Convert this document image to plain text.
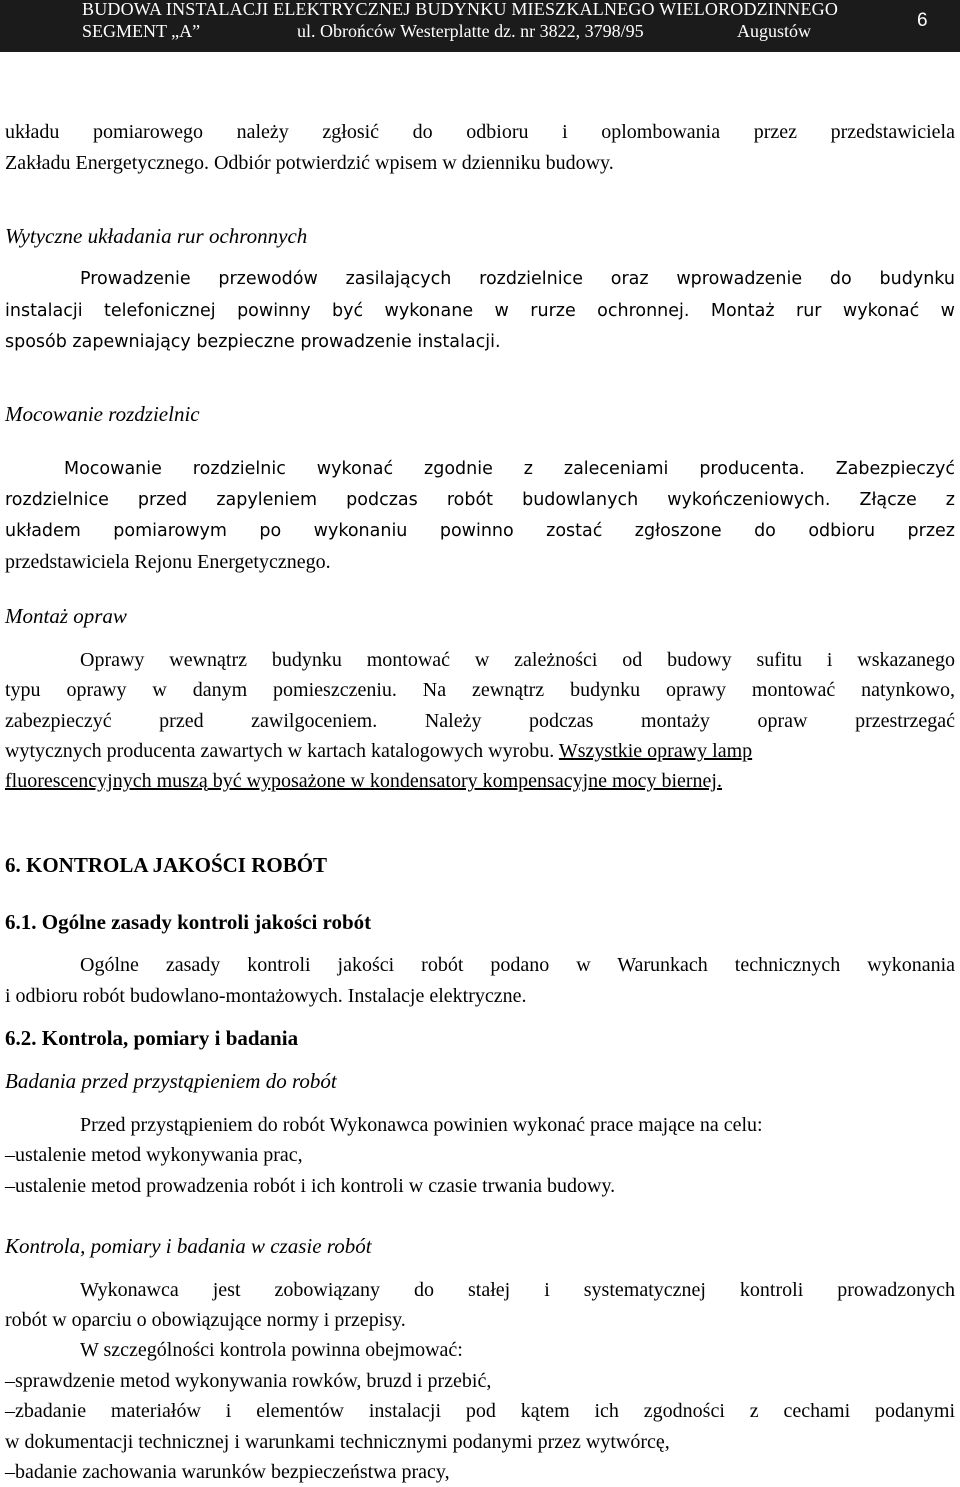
BUDOWA INSTALACJI ELEKTRYCZNEJ BUDYNKU MIESZKALNEGO WIELORODZINNEGO
SEGMENT „A”	ul. Obrońców Westerplatte dz. nr 3822, 3798/95	Augustów	6
układu pomiarowego należy zgłosić do odbioru i oplombowania przez przedstawiciela
Zakładu Energetycznego. Odbiór potwierdzić wpisem w dzienniku budowy.
Wytyczne układania rur ochronnych
Prowadzenie przewodów zasilających rozdzielnice oraz wprowadzenie do budynku
instalacji telefonicznej powinny być wykonane w rurze ochronnej. Montaż rur wykonać w
sposób zapewniający bezpieczne prowadzenie instalacji.
Mocowanie rozdzielnic
Mocowanie rozdzielnic wykonać zgodnie z zaleceniami producenta. Zabezpieczyć
rozdzielnice przed zapyleniem podczas robót budowlanych wykończeniowych. Złącze z
układem pomiarowym po wykonaniu powinno zostać zgłoszone do odbioru przez
przedstawiciela Rejonu Energetycznego.
Montaż opraw
Oprawy wewnątrz budynku montować w zależności od budowy sufitu i wskazanego
typu oprawy w danym pomieszczeniu. Na zewnątrz budynku oprawy montować natynkowo,
zabezpieczyć przed zawilgoceniem. Należy podczas montaży opraw przestrzegać
wytycznych producenta zawartych w kartach katalogowych wyrobu. Wszystkie oprawy lamp
fluorescencyjnych muszą być wyposażone w kondensatory kompensacyjne mocy biernej.
6. KONTROLA JAKOŚCI ROBÓT
6.1. Ogólne zasady kontroli jakości robót
Ogólne zasady kontroli jakości robót podano w Warunkach technicznych wykonania
i odbioru robót budowlano-montażowych. Instalacje elektryczne.
6.2. Kontrola, pomiary i badania
Badania przed przystąpieniem do robót
Przed przystąpieniem do robót Wykonawca powinien wykonać prace mające na celu:
–ustalenie metod wykonywania prac,
–ustalenie metod prowadzenia robót i ich kontroli w czasie trwania budowy.
Kontrola, pomiary i badania w czasie robót
Wykonawca jest zobowiązany do stałej i systematycznej kontroli prowadzonych
robót w oparciu o obowiązujące normy i przepisy.
W szczególności kontrola powinna obejmować:
–sprawdzenie metod wykonywania rowków, bruzd i przebić,
–zbadanie materiałów i elementów instalacji pod kątem ich zgodności z cechami podanymi
w dokumentacji technicznej i warunkami technicznymi podanymi przez wytwórcę,
–badanie zachowania warunków bezpieczeństwa pracy,
